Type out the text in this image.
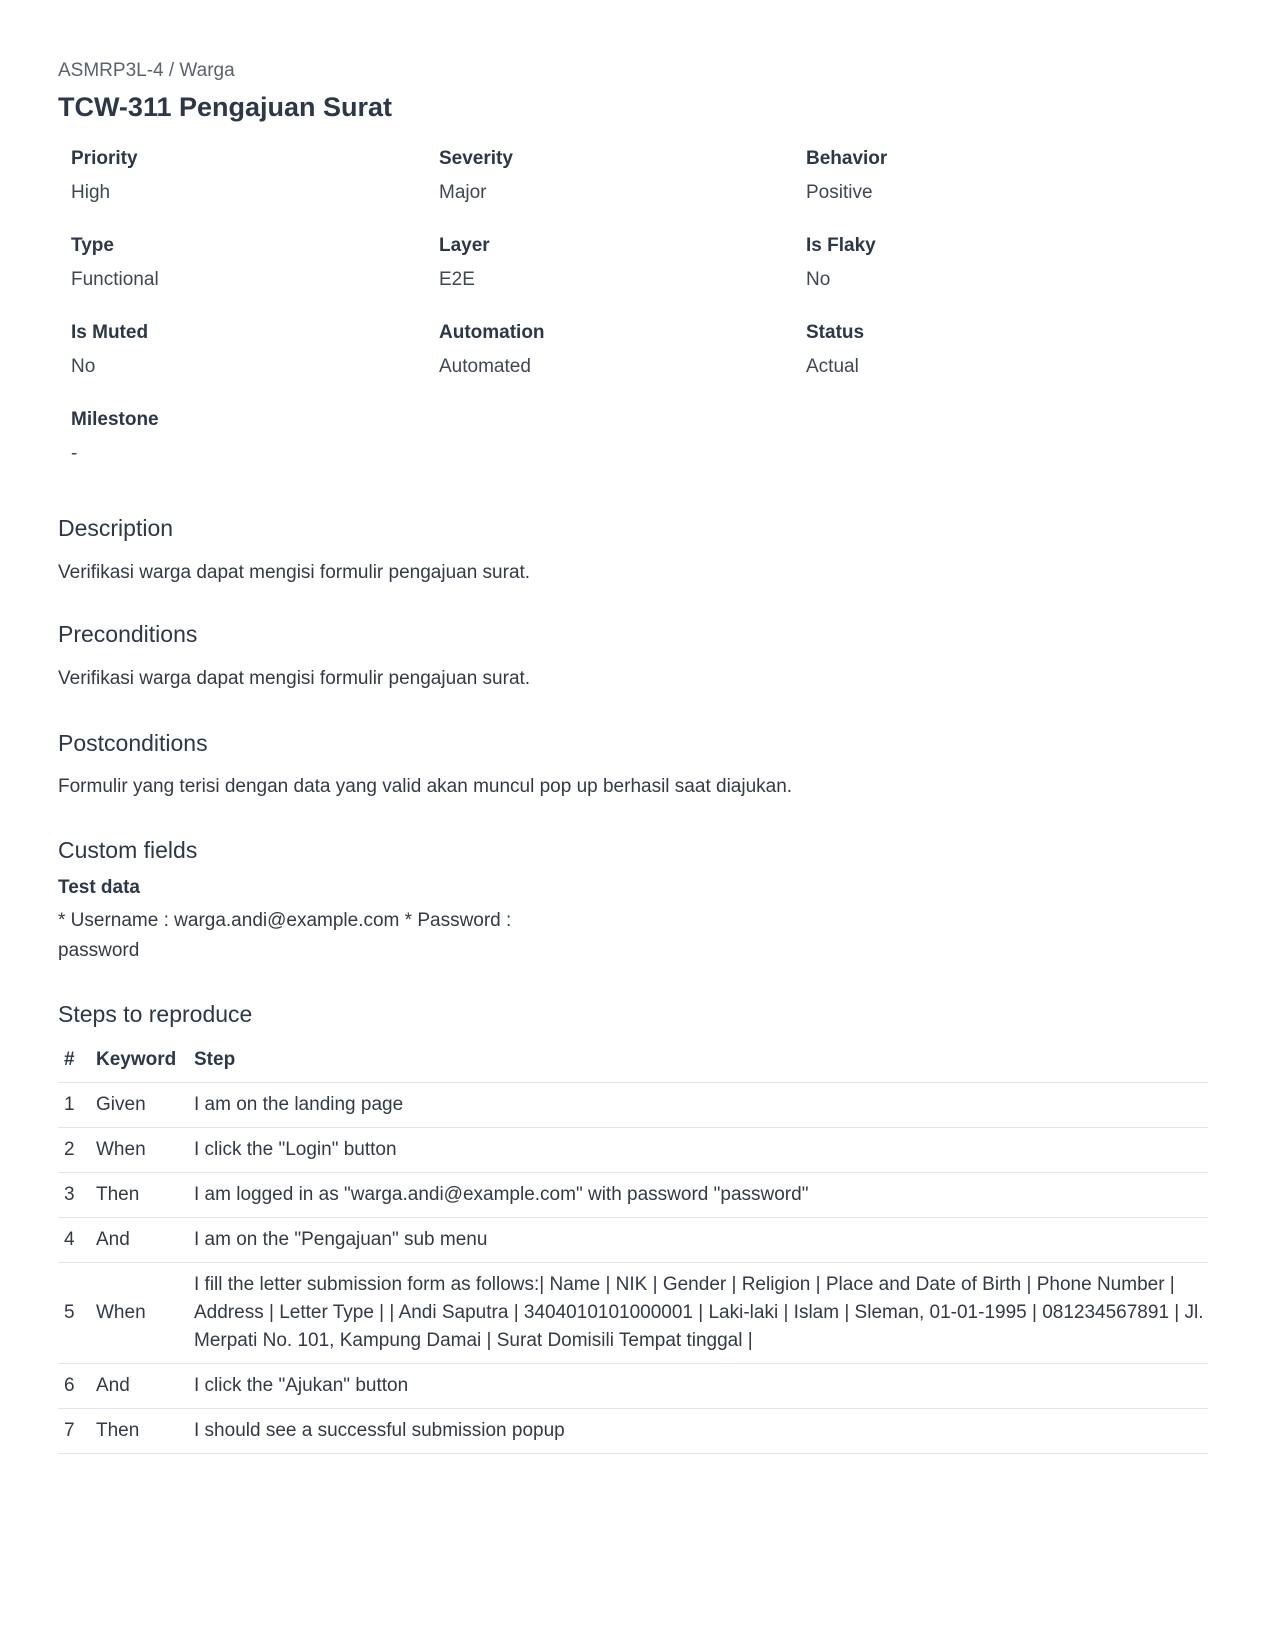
ASMRP3L-4 / Warga
TCW-311 Pengajuan Surat
Priority
High
Severity
Major
Behavior
Positive
Type
Functional
Layer
E2E
Is Flaky
No
Is Muted
No
Automation
Automated
Status
Actual
Milestone
-
Description

Verifikasi warga dapat mengisi formulir pengajuan surat.

Preconditions

Verifikasi warga dapat mengisi formulir pengajuan surat.

Postconditions

Formulir yang terisi dengan data yang valid akan muncul pop up berhasil saat diajukan.

Custom fields
Test data
* Username : warga.andi@example.com * Password : password
Steps to reproduce
#	Keyword	Step
1	Given	I am on the landing page
2	When	I click the "Login" button
3	Then	I am logged in as "warga.andi@example.com" with password "password"
4	And	I am on the "Pengajuan" sub menu
5	When	I fill the letter submission form as follows:| Name | NIK | Gender | Religion | Place and Date of Birth | Phone Number | Address | Letter Type | | Andi Saputra | 3404010101000001 | Laki-laki | Islam | Sleman, 01-01-1995 | 081234567891 | Jl. Merpati No. 101, Kampung Damai | Surat Domisili Tempat tinggal |
6	And	I click the "Ajukan" button
7	Then	I should see a successful submission popup
